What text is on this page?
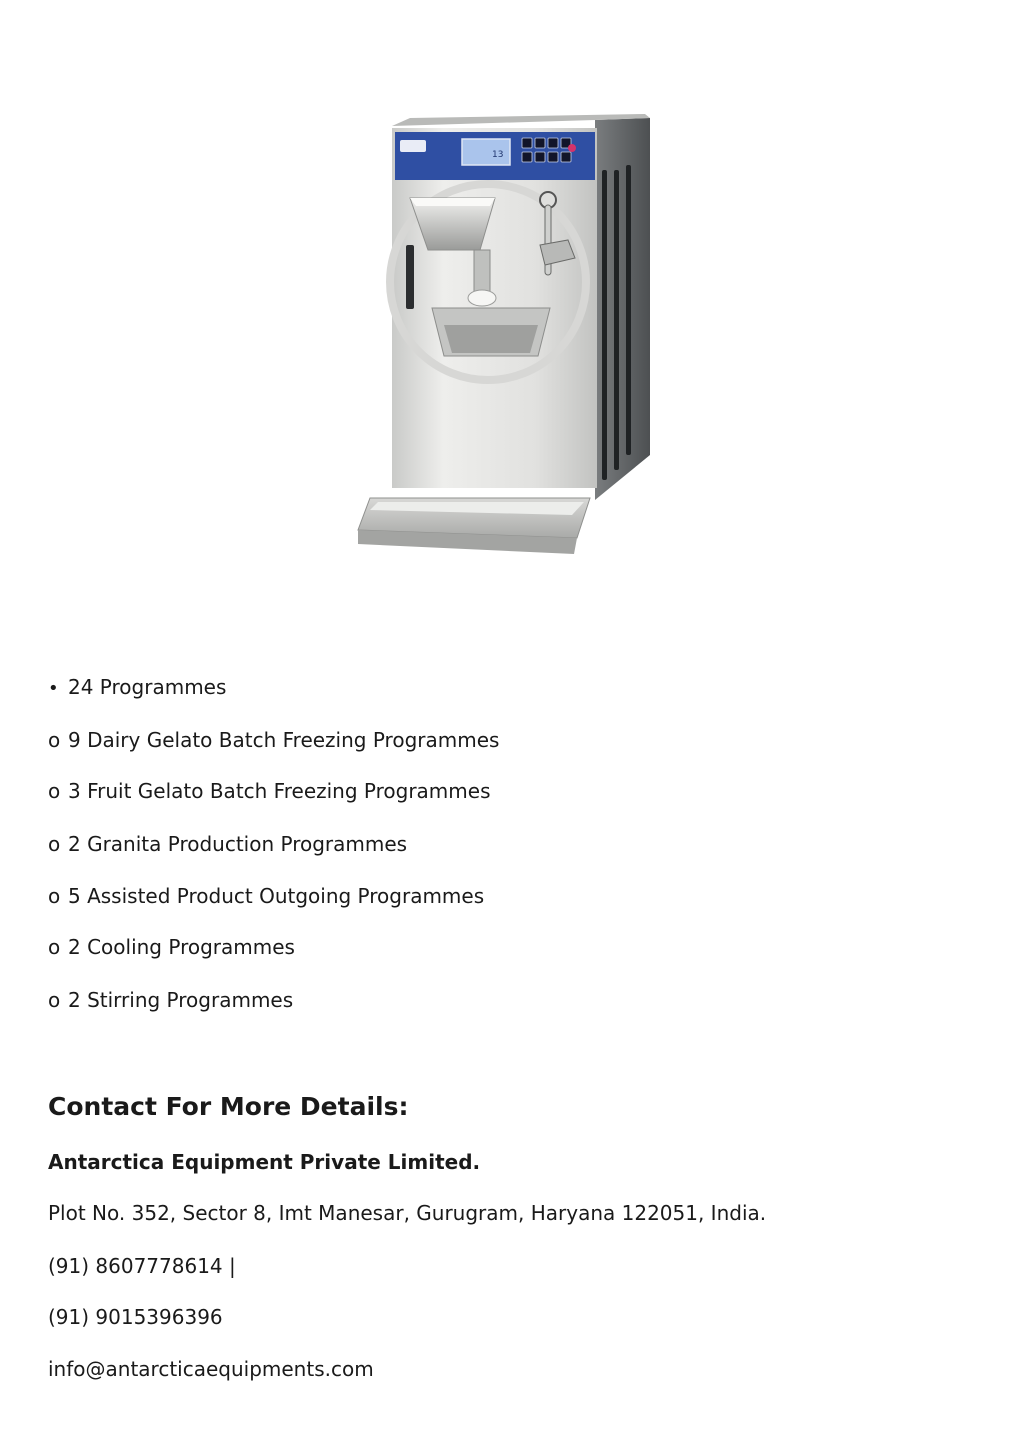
13
• 24 Programmes
o 9 Dairy Gelato Batch Freezing Programmes
o 3 Fruit Gelato Batch Freezing Programmes
o 2 Granita Production Programmes
o 5 Assisted Product Outgoing Programmes
o 2 Cooling Programmes
o 2 Stirring Programmes
Contact For More Details:
Antarctica Equipment Private Limited.
Plot No. 352, Sector 8, Imt Manesar, Gurugram, Haryana 122051, India.
(91) 8607778614 |
(91) 9015396396
info@antarcticaequipments.com
